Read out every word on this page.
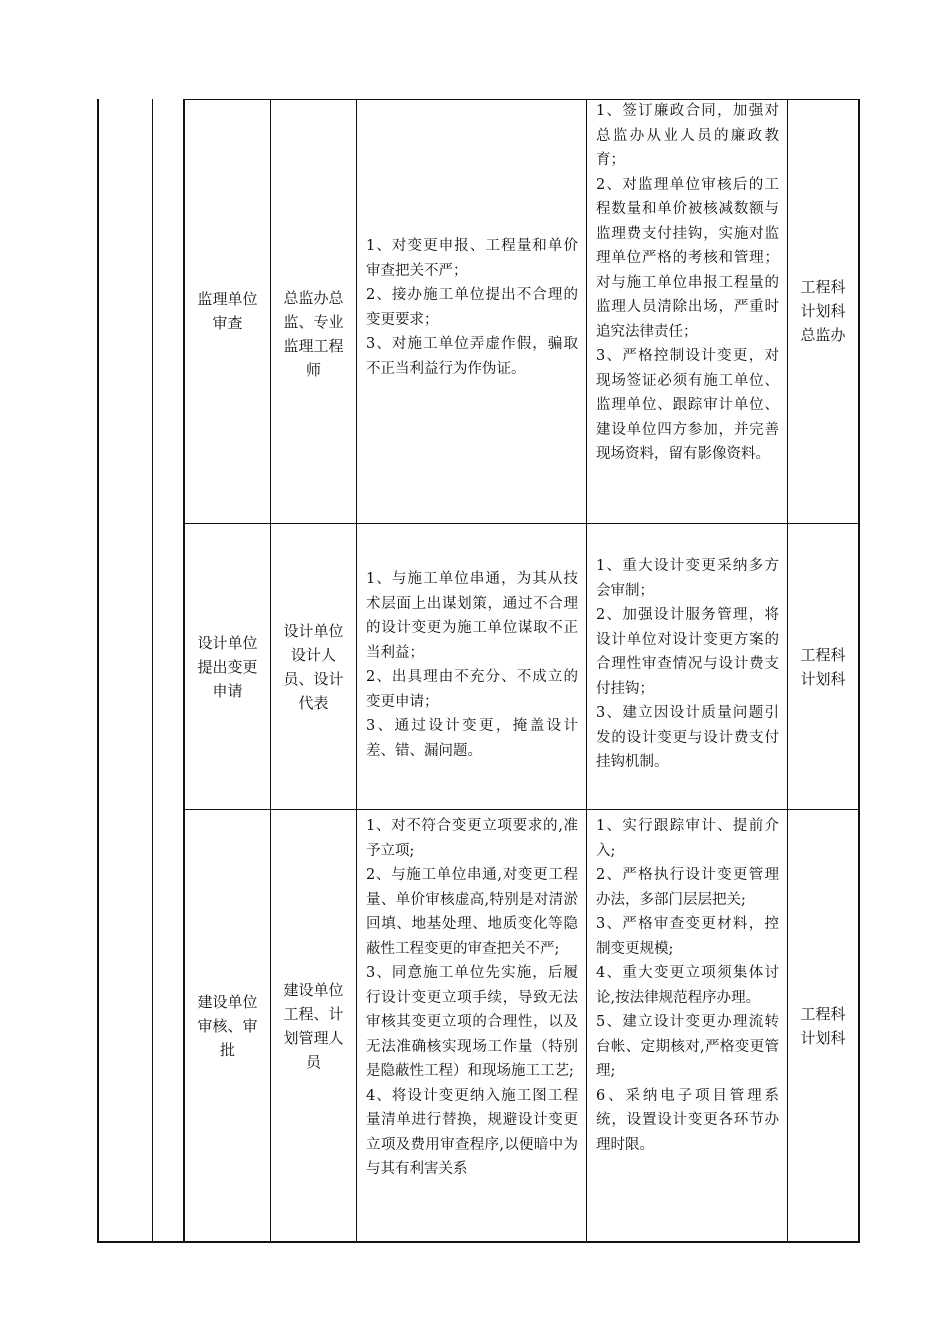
监理单位审查
总监办总监、专业监理工程师
1、对变更申报、工程量和单价审查把关不严；
2、接办施工单位提出不合理的变更要求；
3、对施工单位弄虚作假，骗取不正当利益行为作伪证。
1、签订廉政合同，加强对总监办从业人员的廉政教育；
2、对监理单位审核后的工程数量和单价被核减数额与监理费支付挂钩，实施对监理单位严格的考核和管理；对与施工单位串报工程量的监理人员清除出场，严重时追究法律责任；
3、严格控制设计变更，对现场签证必须有施工单位、监理单位、跟踪审计单位、建设单位四方参加，并完善现场资料，留有影像资料。
工程科计划科总监办
设计单位提出变更申请
设计单位设计人员、设计代表
1、与施工单位串通，为其从技术层面上出谋划策，通过不合理的设计变更为施工单位谋取不正当利益；
2、出具理由不充分、不成立的变更申请；
3、通过设计变更，掩盖设计差、错、漏问题。
1、重大设计变更采纳多方会审制；
2、加强设计服务管理，将设计单位对设计变更方案的合理性审查情况与设计费支付挂钩；
3、建立因设计质量问题引发的设计变更与设计费支付挂钩机制。
工程科计划科
建设单位审核、审批
建设单位工程、计划管理人员
1、对不符合变更立项要求的,准予立项;
2、与施工单位串通,对变更工程量、单价审核虚高,特别是对清淤回填、地基处理、地质变化等隐蔽性工程变更的审查把关不严;
3、同意施工单位先实施，后履行设计变更立项手续，导致无法审核其变更立项的合理性，以及无法准确核实现场工作量（特别是隐蔽性工程）和现场施工工艺;
4、将设计变更纳入施工图工程量清单进行替换，规避设计变更立项及费用审查程序,以便暗中为与其有利害关系
1、实行跟踪审计、提前介入;
2、严格执行设计变更管理办法，多部门层层把关;
3、严格审查变更材料，控制变更规模;
4、重大变更立项须集体讨论,按法律规范程序办理。
5、建立设计变更办理流转台帐、定期核对,严格变更管理;
6、采纳电子项目管理系统，设置设计变更各环节办理时限。
工程科计划科
